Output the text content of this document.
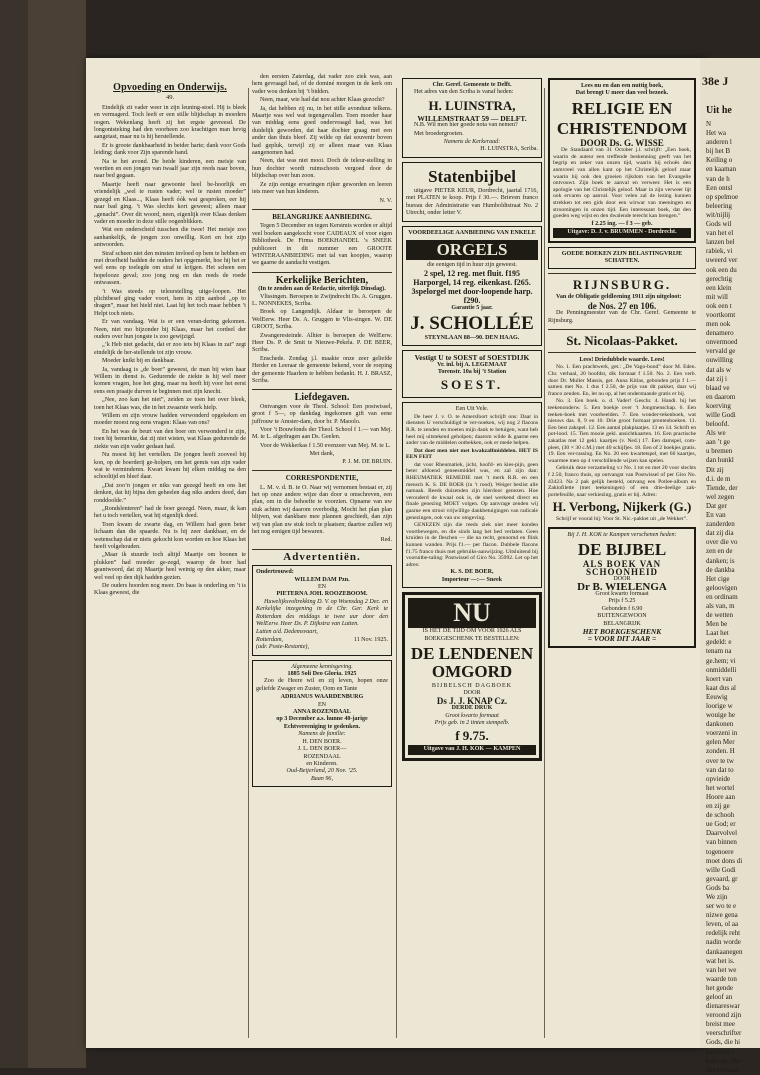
Opvoeding en Onderwijs.
49.

Eindelijk zit vader weer in zijn leuning-stoel. Hij is bleek en vermagerd. Toch leeft er een stille blijdschap in moeders oogen. Wekenlang heeft zij het ergste gevreesd. De longontsteking had den voorheen zoo krachtigen man hevig aangetast, maar nu is hij herstellende.

Er is groote dankbaarheid in beider harte; dank voor Gods leiding; dank voor Zijn sparende hand.

Na te het avond. De beide kinderen, een meisje van veertien en een jongen van twaalf jaar zijn reeds naar boven, naar bed gegaan.

Maartje heeft naar gewoonte heel be-hoorlijk en vriendelijk „wel te rusten vader; wel te rusten moeder” gezegd en Klaas..., Klaas heeft óók wat gesproken, eer hij naar bad ging. ’t Was slechts kort geweest; alleen maar „genacht”. Over dit woord, neen, eigenlijk over Klaas denken vader en moeder in deze stille oogenblikken.

Wat een onderscheid tusschen die twee! Het meisje zoo aanhankelijk, de jongen zoo onwillig. Kort en bot zijn antwoorden.

Straf scheen niet den minsten invloed op hem te hebben en met droefheid hadden de ouders het opgemerkt, hoe hij het er wel eens op toelegde om straf te krijgen. Het scheen een hopelooze geval; zoo jong nog en dan reeds de roede ontwassen.

’t Was steeds op teleurstelling uitge-loopen. Het plichtbesef ging vader voort, hem in zijn aanbod „op to dragen”, maar het hield niet. Laat hij het toch maar hebben ’t Helpt toch niets.

Er van vandaag. Wat is er een veran-dering gekomen. Neen, niet mo bijzonder bij Klaas, maar het cordeel der ouders over hun jongste is zoo gewijzigd.

„’k Heb niet gedacht, dat er zoo iets bij Klaas in zat” zegt eindelijk de her-stellende tot zijn vrouw.

Moeder knikt bij en dankbaar.

Ja, vandaag is „de boer” geweest, de man bij wien haar Willem in dienst is. Gedurende de ziekte is hij wel meer komen vragen, hoe het ging, maar nu heeft hij voor het eerst eens een praatje durven te beginnen met zijn knecht.

„Nee, zoo kan het niet”, zeiden ze toen het over bleek, toen het Klaas was, die in het zwaarste werk hielp.

Willem en zijn vrouw hadden verwonderd opgekeken en moeder moest nog eens vragen: Klaas van ons?

En het was de beurt van den boer om verwonderd te zijn, toen hij bemerkte, dat zij niet wisten, wat Klaas gedurende de ziekte van zijn vader gedaan had.

Nu moest hij het vertellen. De jongen heeft zooveel bij kon, op de boerderij ge-holpen, om het gemis van zijn vader wat te verminderen. Kwart kwam hij elken middag na den schooltijd en bleef daar.

„Dat zoo’n jongen er niks van gezegd heeft en ons liet denken, dat hij bijna den geheelen dag niks anders deed, dan ronddoolde.”

„Rondslenteren” had de boer gezegd. Neen, maar, ik kan het u toch vertellen, wat hij eigenlijk deed.

Toen kwam de zwarte dag, en Willem had geen beter lichaam dan die spaarde. Nu is hij zeer dankbaar, en de wetenschap dat er niets gekocht kon worden en hoe Klaas het heeft volgehouden.

„Maar ik stuurde toch altijd Maartje om boonen te plukken” had moeder ge-zegd, waarop de boer had geantwoord, dat zij Maartje heel weinig op den akker, maar wel veel op den dijk hadden gezien.

De ouders hoorden nog meer. Do baas is onderling en ’t is Klaas geweest, die

den eersten Zaterdag, dat vader zoo ziek was, aan hem gevraagd had, of de dominé morgen in de kerk om vader wou denken bij ’t bidden.

Neen, maar, wie had dat nou achter Klaas gezocht?

Ja, dat hebben zij nu, in het stille avonduur telkens. Maartje was wel wat tegengevallen. Toen moeder haar van middag eens goed ondervraagd had, was het duidelijk geworden, dat haar dochter graag met een ander dan thuis bleef. Zij wilde op dat souvenir boven had gepluk, terwijl zij er alleen maar van Klaas aangenomen had.

Neen, dat was niet mooi. Doch de teleur-stelling in hun dochter wordt ruimschoots vergoed door de blijdschap over hun zoon.

Ze zijn eenige ervaringen rijker geworden en leeren iets meer van hun kinderen.

N. V.
BELANGRIJKE AANBIEDING.

Tegen 5 December en tegen Kerstmis worden er altijd veel boeken aangekocht voor CADEAUX of voor eigen Bibliotheek. De Firma BOEKHANDEL ’s SNEEK publiceert in dit nummer een GROOTE WINTERAANBIEDING met tal van koopjes, waarop we gaarne de aandacht vestigen.

Kerkelijke Berichten,
(In te zenden aan de Redactie, uiterlijk Dinsdag).

Vlissingen. Beroepen te Zwijndrecht Ds. A. Gruggen. L. NONNEKES, Scriba.

Broek op Langendijk. Aldaar te beroepen de WelEerw. Heer Ds. A. Gruggen te Vlis-singen. W. DE GROOT, Scriba.

Zwangeresteinde. Alhier is beroepen de WelEerw. Heer Ds. P. de Smit te Nieuwe-Pekela. P. DE BEER, Scriba.

Enschede. Zondag j.l. maakte onze zeer geliefde Herder en Leeraar de gemeente bekend, voor de roeping der gemeente Haarlem te hebben bedankt. H. J. BRASZ, Scriba.

Liefdegaven.

Ontvangen voor de Theol. School: Een postwissel, groot f 5—, op dankdag ingekomen gift van eene juffrouw te Amster-dam, door br. P. Maoolo.

Voor ’t Bouwfonds der Theol. School f 1.— van Mej. M. te L. afgedragen aan Ds. Geelen.

Voor de Wekkerkas f 1.50 evenzeer van Mej. M. te L.

Met dank,
P. J. M. DE BRUIN.
CORRESPONDENTIE,

L. M. v. d. B. te O. Naar wij vernomen bestaat er, zij het op onze andere wijze dan door u omschreven, een plan, om in die behoefte te voorzien. Opname van uw stuk achten wij daarom overbodig. Mocht het plan plan blijven, wat dankbare mee plannen geschiedt, dan zijn wij van plan uw stuk toch te plaatsen; daartoe zullen wij het nog eenigen tijd bewaren.

Red.
Advertentiën.
Ondertrouwd:
WILLEM DAM Pzn.
EN
PIETERNA JOH. ROOZEBOOM.

Huwelijksvoltrekking D. V. op Woensdag 2 Dec. en Kerkelijke inzegening in de Chr. Ger. Kerk te Rotterdam des middags te twee uur door den WelEerw. Heer Ds. P. Dijkstra van Lutten.

Lutten a/d. Dedemsvaart,
Rotterdam,
(adr. Poste-Restante),
11 Nov. 1925.
Algemeene kennisgeving.
1885 Soli Deo Gloria. 1925

Zoo de Heere wil en zij leven, hopen onze geliefde Zwager en Zuster, Oom en Tante

ADRIANUS WAARDENBURG
EN
ANNA ROZENDAAL
op 3 December a.s. hunne 40-jarige Echtvereeniging te gedenken.
Namens de familie:
H. DEN BOER.
J. L. DEN BOER—
ROZENDAAL
en Kinderen.
Oud-Beijerland, 20 Nov. ’25.
Baan 96,
Chr. Geref. Gemeente te Delft.

Het adres van den Scriba is vanaf heden:

H. LUINSTRA,
WILLEMSTRAAT 59 — DELFT.

N.B. Wil men hier goede nota van nemen?

Met broedergroeten.

Namens de Kerkeraad:
H. LUINSTRA, Scriba.
Statenbijbel

uitgave PIETER KEUR, Dordrecht, jaartal 1716, met PLATEN te koop. Prijs f 30.—. Brieven franco bureau der Administratie van Humboldtstraat No. 2 Utrecht, onder letter V.

VOORDEELIGE AANBIEDING VAN ENKELE
ORGELS
die eenigen tijd in huur zijn geweest.
2 spel, 12 reg. met fluit. f195
Harporgel, 14 reg. eikenkast. f265.
3spelorgel met door-loopende harp. f290.
Garantie 5 jaar.
J. SCHOLLÉE
STEYNLAAN 88—90. DEN HAAG.
Vestigt U te SOEST of SOESTDIJK
Vr. inl. bij A. LEGEMAAT
Torenstr. 10a bij ’t Station
SOEST.
Een Uit Vele.

De heer J. v. O. te Amersfoort schrijft ons: Daar in diensten U verschuldigd te ver-noeken, wij nog 2 flacons R.R. te zenden en moeten mijn dank te betuigen, want heb heel mij uitstekend geholpen; daarom wilde ik gaarne een ander van de middelen ontbekken, ook er mede helpen.

Dat doet men niet met kwakzalfmiddelen. HET IS EEN FEIT

dat voor Rheumatiek, jicht, hoofd- en kies-pijn, geen beter afdoend geneesmiddel was, en zal zijn dan: RHEUMATIEK REMEDIE met ’t merk R.R. en een mensch K. S. DE BOER (in ’t rood). Weiger beslist alle namaak. Reeds duizenden zijn hierdoor genezen. Hoe verouderd de kwaal ook is, de snel werkend direct en finale genezing MOET volgen. Op aanvrage zenden wij gaarne een strooi vrijwillige dankbetuigingen van radicale genezingen, ook van uw omgeving.

GENEZEN zijn die reeds ziek niet meer konden voortbewegen, en die sinds lang het bed verlaten. Geen kruiden in de fleschen — die na recht, genoomd en flink kunnen wanden. Prijs f1.— per flacon. Dubbele flacons f1.75 franco thuis met gebruiks-aanwijzing. Uitsluitend bij vooruitbe-taling: Postwissel of Giro No. 35992. Let op het adres:

K. S. DE BOER,
Importeur —:— Sneek
NU
IS HET DE TIJD OM VOOR 1926 ALS BOEKGESCHENK TE BESTELLEN:
DE LENDENEN OMGORD
BIJBELSCH DAGBOEK
DOOR
Ds J. J. KNAP Cz.
DERDE DRUK
Groot kwarto formaat
Prijs geb. in 2 tinten stempelb.
f 9.75.
Uitgave van J. H. KOK — KAMPEN
Lees nu en dan een nuttig boek,
Dat brengt U meer dan veel bezoek.
RELIGIE EN
CHRISTENDOM
DOOR Ds. G. WISSE

De Standaard van 31 October j.l. schrijft: „Een boek, waarin de auteur een treffende beskenning geeft van het begrip en zeker van onzen tijd, waarin hij echoës den anmvreel van allen kant op het Christelijk geloof maar waarin hij ook den groeien rijkdom van het Evangelie ontvouwt. Zijn boek te aanval en verweer. Het is een apologie van het Christelijk geloof. Maar in zijn verweer lijt ook ervaren op aanval. Voor velen zal de lezing kunnen strekken tot een gids door een wirwar van meeningen en stroomingen in onzen tijd. Een interessant boek, dat den goeden weg wijst en den dwalende terecht kan brengen.”

f 2.25 ing. — f 3 — geb.
Uitgave: D. J. v. BRUMMEN - Dordrecht.
GOEDE BOEKEN ZIJN BELASTINGVRIJE SCHATTEN.
RIJNSBURG.

Van de Obligatie geldleening 1911 zijn uitgeloot:

de Nos. 27 en 106.

De Penningmeester van de Chr. Geref. Gemeente te Rijnsburg.

St. Nicolaas-Pakket.
Lees! Driedubbele waarde. Lees!

No. 1. Een prachtwerk, get.: „De Vago-bond” door M. Eden. Chr. verhaal, 20 hoofdst, dik formaat f 1.50. No. 2. Een verb. door Dr. Muller Massis, get. Anna Kitlas, gebonden prijs f 1.— samen met No. 1 dus f 2.50, de prijs van dit pakket, daar wij franco zenden. En, let nu op, al het onderstaande gratis er bij.

No. 3. Een boek. o. d. Vader! Geschr. 4. Handi. bij het teekenonderw. 5. Een boekje over ’t Jongmenschap. 6. Een teeken-boek met voorbeelden. 7. Een wonder-tekenboek, wat nieuws das. 8, 9 en 10. Drie groot formaat prentenboeken. 11. Een best zakspel. 12. Een aantal plakplaatjes. 13 en 14. Schrift en pot-lood. 15. Tien mooie gekl. ansichtkaarten. 16. Een practische zakatlas met 12 gekl. kaartjes (v. Ned.) 17. Een damspel, com-pleet, (30 × 30 c.M.) met 40 schijfjes. 18. Een of 2 boekjes gratis. 19. Een ver-rassing. En No. 20 een kwartetspel, met 60 kaartjes, waarmee men op 4 verschillende wijzen kan spelen.

Gebruik deze verzameling v.r No. 1 tot en met 20 voor slechts f 2.50, franco thuis, op ontvangst van Postwissel of per Giro No. 43423. Na 2 pak gelijk besteld, ontvang een Potlee-album en Zaklofilette (met teekeningen) of een drie-deelige zak-portefeuille, naar verkiezing, gratis er bij. Adres:

H. Verbong, Nijkerk (G.)

Schrijf er vooral bij: Voor St. Nic.-pakket uit „de Wekker”.

Bij J. H. KOK te Kampen verschenen heden:
DE BIJBEL
ALS BOEK VAN
SCHOONHEID
DOOR
Dr B. WIELENGA
Groot kwarto formaat
Prijs f 5.25
Gebonden f 6.90
BUITENGEWOON
BELANGRIJK
HET BOEKGESCHENK
= VOOR DIT JAAR =
38e J
Uit he
N
Het wa
anderen l
bij het B
Keiling o
en kaaman
van de h
Een ontsl
op spelmoe
beleering
wit/nijlij
Gods wil
van het el
lanzen bel
rabiek, vi
uweerd ver
ook een du
gerechtig
een klein
mit will
ook een t
voortkomt
men ook
denamero
onvermoed
vervald ge
ouwilling
dat als w
dat zij i
blaad ve
en daarom
koerving
wille Godi
beloofd.
Als we
aan ’t ge
u bremen
dan hunkl
Dit zij
d.i. de m
Tiende, der
wel zegen
Dat ger
En van
zanderden
dat zij dia
over die vo
zen en de
danken; is
de dankba
Het cige
geloovigen
en ordinam
als van, m
de wetten
Men be
Laat het
gedeld: e
tenam na
ge.hem; vi
onmiddelli
koert van
kaat dus al
Eeuwig
loorige w
wouige he
dankonen
voerzeni in
gelen Mer
zonden. H
over te tw
van dat to
opvieide
het wortel
Hoore aan
en zij ge
de schooh
ue God; er
Daarvolvel
van binnen
togenoere
moet dons di
wille Godi
gevaard, gr
Gods ba
We zijn
ser wo te e
nizwe gena
leven, ol aa
redelijk reht
nadin worde
dankaanegen
wat het is.
van het we
waarde ton
het gende
geloof an
dienareswar
veroond zijn
breist mee
veerschrifter
Gods, die hi
kerstend z
koor op, die
het verband
